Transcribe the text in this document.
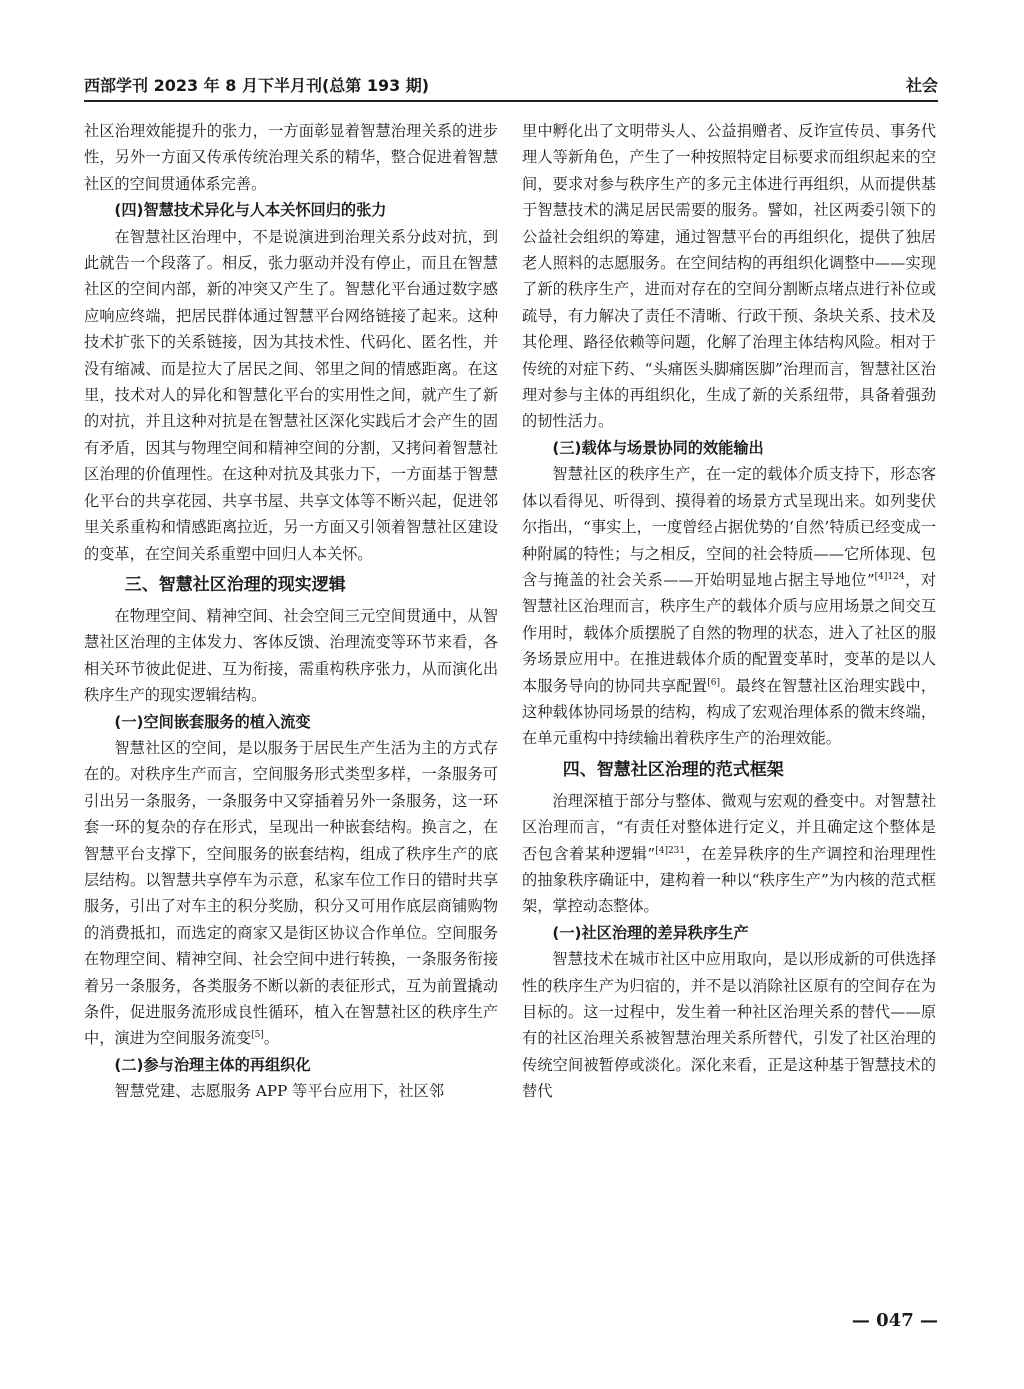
西部学刊 2023 年 8 月下半月刊(总第 193 期)	社会

社区治理效能提升的张力，一方面彰显着智慧治理关系的进步性，另外一方面又传承传统治理关系的精华，整合促进着智慧社区的空间贯通体系完善。

(四)智慧技术异化与人本关怀回归的张力

在智慧社区治理中，不是说演进到治理关系分歧对抗，到此就告一个段落了。相反，张力驱动并没有停止，而且在智慧社区的空间内部，新的冲突又产生了。智慧化平台通过数字感应响应终端，把居民群体通过智慧平台网络链接了起来。这种技术扩张下的关系链接，因为其技术性、代码化、匿名性，并没有缩减、而是拉大了居民之间、邻里之间的情感距离。在这里，技术对人的异化和智慧化平台的实用性之间，就产生了新的对抗，并且这种对抗是在智慧社区深化实践后才会产生的固有矛盾，因其与物理空间和精神空间的分割，又拷问着智慧社区治理的价值理性。在这种对抗及其张力下，一方面基于智慧化平台的共享花园、共享书屋、共享文体等不断兴起，促进邻里关系重构和情感距离拉近，另一方面又引领着智慧社区建设的变革，在空间关系重塑中回归人本关怀。

三、智慧社区治理的现实逻辑

在物理空间、精神空间、社会空间三元空间贯通中，从智慧社区治理的主体发力、客体反馈、治理流变等环节来看，各相关环节彼此促进、互为衔接，需重构秩序张力，从而演化出秩序生产的现实逻辑结构。

(一)空间嵌套服务的植入流变

智慧社区的空间，是以服务于居民生产生活为主的方式存在的。对秩序生产而言，空间服务形式类型多样，一条服务可引出另一条服务，一条服务中又穿插着另外一条服务，这一环套一环的复杂的存在形式，呈现出一种嵌套结构。换言之，在智慧平台支撑下，空间服务的嵌套结构，组成了秩序生产的底层结构。以智慧共享停车为示意，私家车位工作日的错时共享服务，引出了对车主的积分奖励，积分又可用作底层商铺购物的消费抵扣，而选定的商家又是街区协议合作单位。空间服务在物理空间、精神空间、社会空间中进行转换，一条服务衔接着另一条服务，各类服务不断以新的表征形式，互为前置撬动条件，促进服务流形成良性循环，植入在智慧社区的秩序生产中，演进为空间服务流变[5]。

(二)参与治理主体的再组织化

智慧党建、志愿服务 APP 等平台应用下，社区邻

里中孵化出了文明带头人、公益捐赠者、反诈宣传员、事务代理人等新角色，产生了一种按照特定目标要求而组织起来的空间，要求对参与秩序生产的多元主体进行再组织，从而提供基于智慧技术的满足居民需要的服务。譬如，社区两委引领下的公益社会组织的筹建，通过智慧平台的再组织化，提供了独居老人照料的志愿服务。在空间结构的再组织化调整中——实现了新的秩序生产，进而对存在的空间分割断点堵点进行补位或疏导，有力解决了责任不清晰、行政干预、条块关系、技术及其伦理、路径依赖等问题，化解了治理主体结构风险。相对于传统的对症下药、“头痛医头脚痛医脚”治理而言，智慧社区治理对参与主体的再组织化，生成了新的关系纽带，具备着强劲的韧性活力。

(三)载体与场景协同的效能输出

智慧社区的秩序生产，在一定的载体介质支持下，形态客体以看得见、听得到、摸得着的场景方式呈现出来。如列斐伏尔指出，“事实上，一度曾经占据优势的‘自然’特质已经变成一种附属的特性；与之相反，空间的社会特质——它所体现、包含与掩盖的社会关系——开始明显地占据主导地位”$^{[4]124}$，对智慧社区治理而言，秩序生产的载体介质与应用场景之间交互作用时，载体介质摆脱了自然的物理的状态，进入了社区的服务场景应用中。在推进载体介质的配置变革时，变革的是以人本服务导向的协同共享配置[6]。最终在智慧社区治理实践中，这种载体协同场景的结构，构成了宏观治理体系的微末终端，在单元重构中持续输出着秩序生产的治理效能。

四、智慧社区治理的范式框架

治理深植于部分与整体、微观与宏观的叠变中。对智慧社区治理而言，“有责任对整体进行定义，并且确定这个整体是否包含着某种逻辑”$^{[4]231}$，在差异秩序的生产调控和治理理性的抽象秩序确证中，建构着一种以“秩序生产”为内核的范式框架，掌控动态整体。

(一)社区治理的差异秩序生产

智慧技术在城市社区中应用取向，是以形成新的可供选择性的秩序生产为归宿的，并不是以消除社区原有的空间存在为目标的。这一过程中，发生着一种社区治理关系的替代——原有的社区治理关系被智慧治理关系所替代，引发了社区治理的传统空间被暂停或淡化。深化来看，正是这种基于智慧技术的替代

— 047 —
